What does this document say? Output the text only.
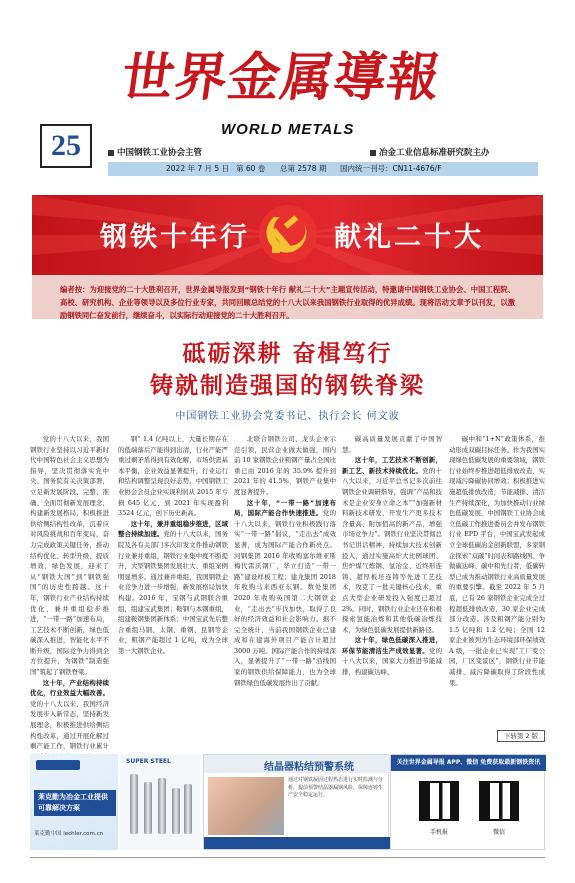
世界金属導報
WORLD METALS
25	中国钢铁工业协会主管	冶金工业信息标准研究院主办
2022 年 7 月 5 日 第 60 卷 总第 2578 期 国内统一刊号：CN11-4676/F
钢铁十年行	献礼二十大
编者按：为迎接党的二十大胜利召开，世界金属导报发到“钢铁十年行 献礼二十大”主题宣传活动，特邀请中国钢铁工业协会、中国工程院、高校、研究机构、企业等领导以及多位行业专家，共同回顾总结党的十八大以来我国钢铁行业取得的优异成绩。现将活动文章予以刊发，以激励钢铁同仁奋发前行，继续奋斗，以实际行动迎接党的二十大胜利召开。
砥砺深耕 奋楫笃行
铸就制造强国的钢铁脊梁
中国钢铁工业协会党委书记、执行会长 何文波

党的十八大以来，我国钢铁行业坚持以习近平新时代中国特色社会主义思想为指导，坚决贯彻落实党中央、国务院有关决策部署，立足新发展阶段、完整、准确、全面贯彻新发展理念，构建新发展格局，积极推进供给侧结构性改革，沉着应对风险挑战和百年变局，奋力完成政策关键任务，推动结构优化、转型升级、提质增效，绿色发展，迎来了从“钢铁大国”到“钢铁强国”的历史性跨越。这十年，钢铁行业产业结构持续优化，兼并重组稳步推进，“一带一路”加速布局，工艺技术不断创新，绿色低碳深入推进，智能化水平不断升级，国际竞争力得到全方位提升，为钢铁“制造强国”筑起了钢铁脊梁。

这十年，产业结构持续优化，行业效益大幅改善。党的十八大以来，我国经济发展步入新常态，坚持新发展理念，积极推进供给侧结构性改革，通过开展化解过剩产能工作，钢铁行业累计

钢” 1.4 亿吨以上，大量长期存在的低端落后产能得到出清，行业产能严重过剩矛盾得到有效化解，市场供需基本平衡，企业效益显著提升，行业运行和结构调整呈现良好态势。中国钢铁工业协会会员企业实现利润从 2015 年亏损 645 亿元，到 2021 年实现盈利 3524 亿元，创下历史新高。

这十年，兼并重组稳步推进，区域整合持续加速。党的十八大以来，国务院及各有关部门多次印发文件推动钢铁行业兼并重组，钢铁行业集中度不断提升，大型钢铁集团发展壮大、重组案例明显增多。通过兼并重组，我国钢铁企业竞争力进一步增强，新发展格局加快构建。2016 年，宝钢与武钢联合重组，组建宝武集团；鞍钢与本钢重组，组建鞍钢集团新体系；中国宝武先后整合重组马钢、太钢、重钢、昆钢等企业，粗钢产能超过 1 亿吨，成为全球第一大钢铁企业。

北联合钢铁公司、龙头企业示范引领，民营企业做大做强，国内前 10 家钢铁企业粗钢产量占全国比重已由 2016 年的 35.9% 提升到 2021 年的 41.5%，钢铁产业集中度显著提升。

这十年，“一带一路”加速布局，国际产能合作快速推进。党的十八大以来，钢铁行业积极践行落实“一带一路”倡议，“走出去”成效显著，成为国际产能合作新亮点。河钢集团 2016 年收购塞尔维亚斯梅代雷沃钢厂，华立打造“一带一路”建设样板工程；建龙集团 2018 年收购马来西亚东钢。数处集团 2020 年收购英国第二大钢铁企业，“走出去”步伐加快，取得了良好的经济效益和社会影响力。据不完全统计，当前我国钢铁企业已建成和在建海外项目产能合计超过 3000 万吨。国际产能合作的持续深入，显著提升了“一带一路”沿线国家的钢铁供给保障能力，也为全球钢铁绿色低碳发展作出了贡献。

碳高质量发展贡献了中国智慧。

这十年，工艺技术不断创新，新工艺、新技术持续优化。党的十八大以来，习近平总书记多次前往钢铁企业调研指导，强调“产品和技术是企业安身立命之本”“加强新材料新技术研发，开发生产更多技术含量高、附加值高的新产品，增强市场竞争力”。钢铁行业坚决贯彻总书记讲话精神，持续加大技术创新投入，通过实施高炉大比例球团、焦炉煤气炼钢、氢冶金、近终形连铸、超厚板坯连铸等先进工艺技术，攻克了一批关键核心技术，重点大型企业研发投入强度已超过 2%。同时，钢铁行业企业还在积极探索氢能冶炼和其他低碳冶炼技术，为绿色低碳发展提供新路径。

这十年，绿色低碳深入推进，环保节能清洁生产成效显著。党的十八大以来，国家大力推进节能减排，构建碳达峰、

碳中和“1+N”政策体系，推动形成双碳目标任务。作为我国实现绿色低碳发展的重要领域，钢铁行业始终步推进超低排放改造，实现减污降碳协同增效；积极推进实施超低排放改造，节能减排、清洁生产持续深化，为加快推动行业绿色低碳发展，中国钢铁工业协会成立低碳工作推进委员会并发布钢铁行业 EPD 平台，中国宝武发起成立全球低碳冶金创新联盟，多家钢企探索“双碳”时间表和路线图。争做碳达峰、碳中和先行者，低碳转型已成为推动钢铁行业高质量发展的重要引擎。截至 2022 年 5 月底，已有 26 家钢铁企业完成全过程超低排放改造，30 家企业完成部分改造。涉及粗钢产能分别为 1.5 亿吨和 1.2 亿吨；全国 12 家企业被列为生态环境部环保绩效 A 级，一批企业已实现“工厂变公园，厂区变景区”，钢铁行业节能减排、减污降碳取得了阶段性成果。

下转第 2 版
莱克勤为冶金工业提供可靠解决方案
莱克勤中国 lechler.com.cn
SUPER STEEL
结晶器粘结预警系统
通过对钢铁凝固过程热态进行实时监测与分析，提前预警结晶器漏钢风险，保障连铸生产安全稳定运行。
关注世界金属导报 APP、微信 免费获取最新钢铁资讯
手机报	微信
